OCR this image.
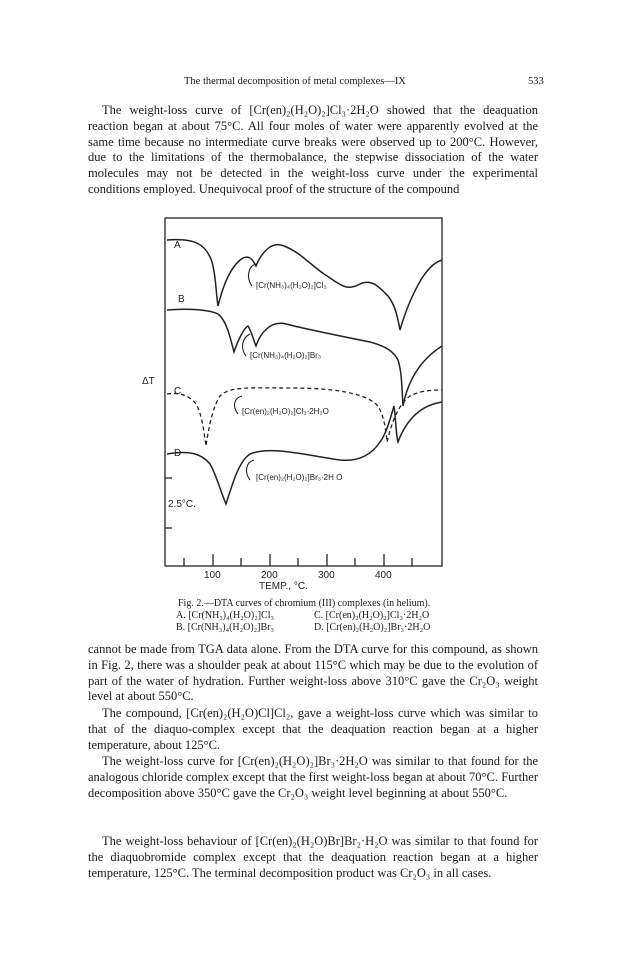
The thermal decomposition of metal complexes—IX	533

The weight-loss curve of [Cr(en)₂(H₂O)₂]Cl₃·2H₂O showed that the deaquation reaction began at about 75°C. All four moles of water were apparently evolved at the same time because no intermediate curve breaks were observed up to 200°C. However, due to the limitations of the thermobalance, the stepwise dissociation of the water molecules may not be detected in the weight-loss curve under the experimental conditions employed. Unequivocal proof of the structure of the compound

A
B
C
D
[Cr(NH₃)₄(H₂O)₂]Cl₃
[Cr(NH₃)₄(H₂O)₂]Br₃
[Cr(en)₂(H₂O)₂]Cl₃·2H₂O
[Cr(en)₂(H₂O)₂]Br₃·2H O
ΔT
2.5°C.
100	200	300	400
TEMP., °C.
Fig. 2.—DTA curves of chromium (III) complexes (in helium).
A. [Cr(NH₃)₄(H₂O)₂]Cl₃	C. [Cr(en)₂(H₂O)₂]Cl₃·2H₂O
B. [Cr(NH₃)₄(H₂O)₂]Br₃	D. [Cr(en)₂(H₂O)₂]Br₃·2H₂O

cannot be made from TGA data alone. From the DTA curve for this compound, as shown in Fig. 2, there was a shoulder peak at about 115°C which may be due to the evolution of part of the water of hydration. Further weight-loss above 310°C gave the Cr₂O₃ weight level at about 550°C.

The compound, [Cr(en)₂(H₂O)Cl]Cl₂, gave a weight-loss curve which was similar to that of the diaquo-complex except that the deaquation reaction began at a higher temperature, about 125°C.

The weight-loss curve for [Cr(en)₂(H₂O)₂]Br₃·2H₂O was similar to that found for the analogous chloride complex except that the first weight-loss began at about 70°C. Further decomposition above 350°C gave the Cr₂O₃ weight level beginning at about 550°C.

The weight-loss behaviour of [Cr(en)₂(H₂O)Br]Br₂·H₂O was similar to that found for the diaquobromide complex except that the deaquation reaction began at a higher temperature, 125°C. The terminal decomposition product was Cr₂O₃ in all cases.
